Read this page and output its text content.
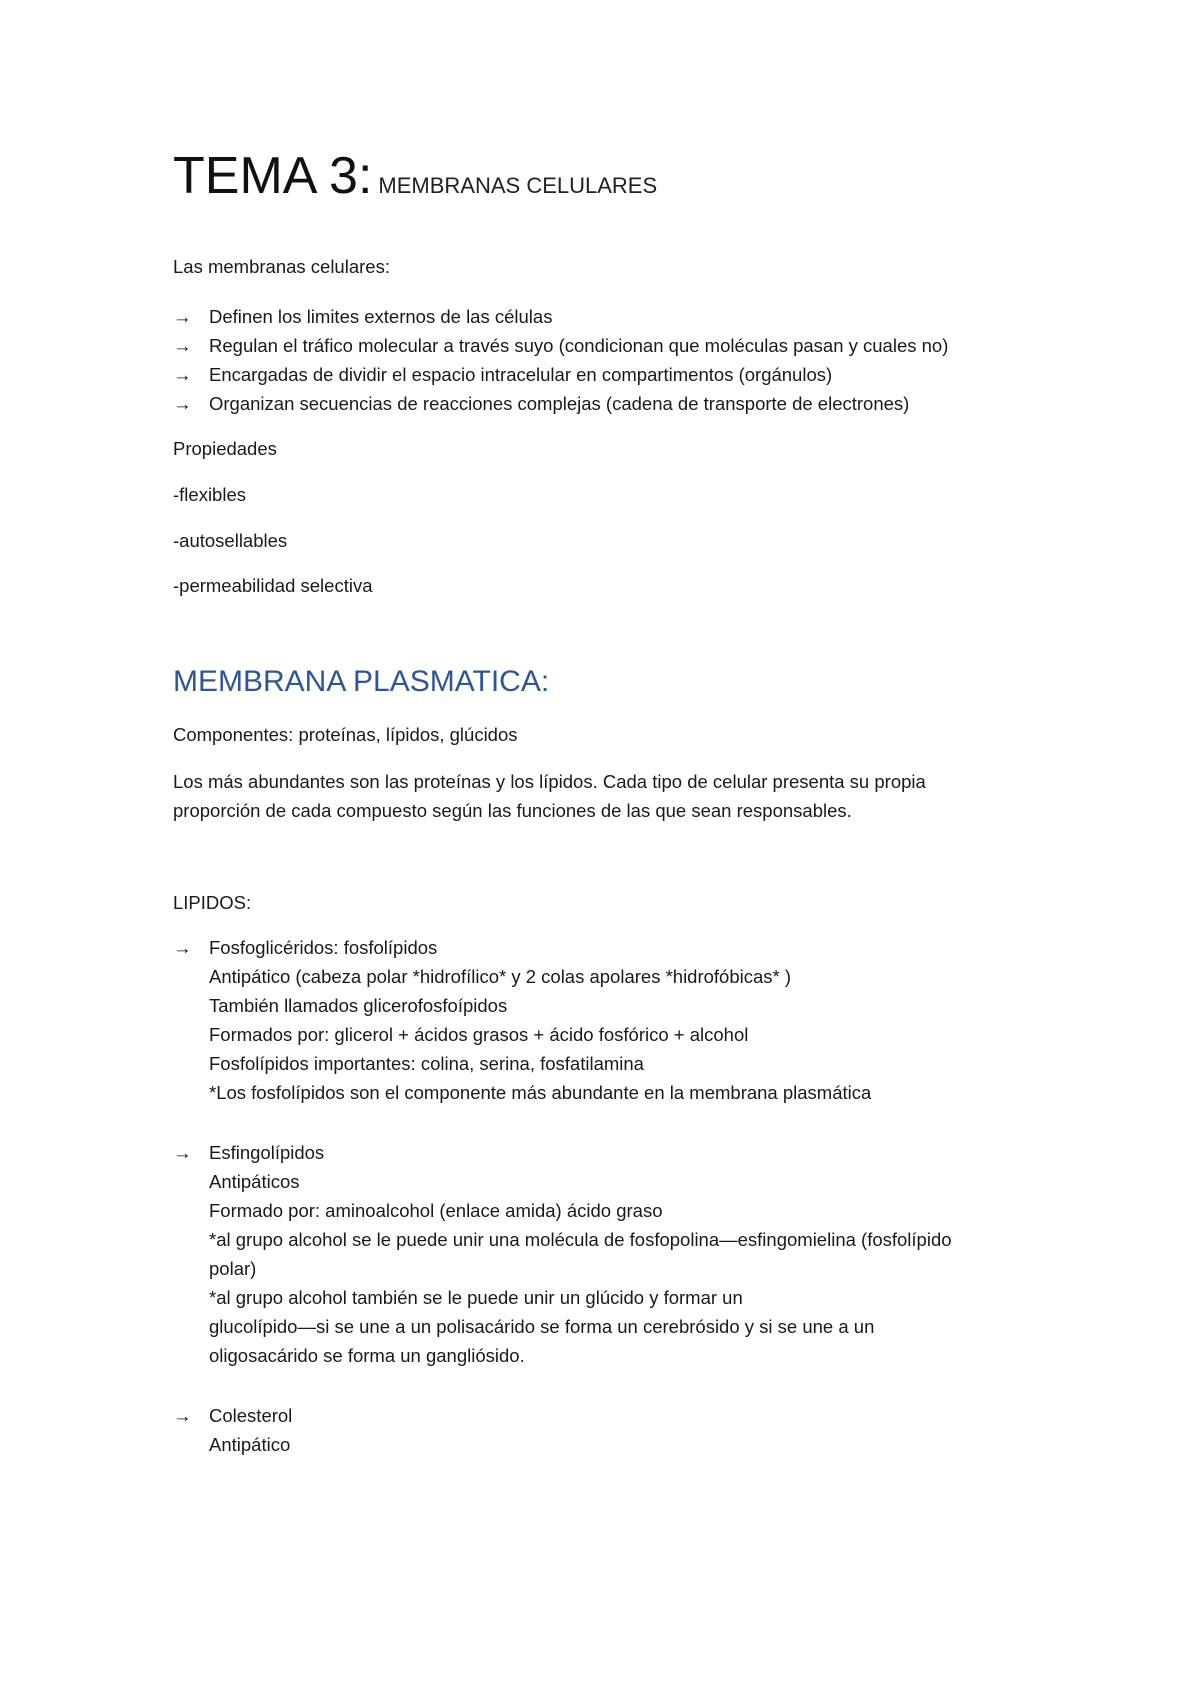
TEMA 3: MEMBRANAS CELULARES
Las membranas celulares:
→ Definen los limites externos de las células
→ Regulan el tráfico molecular a través suyo (condicionan que moléculas pasan y cuales no)
→ Encargadas de dividir el espacio intracelular en compartimentos (orgánulos)
→ Organizan secuencias de reacciones complejas (cadena de transporte de electrones)
Propiedades
-flexibles
-autosellables
-permeabilidad selectiva
MEMBRANA PLASMATICA:
Componentes: proteínas, lípidos, glúcidos
Los más abundantes son las proteínas y los lípidos. Cada tipo de celular presenta su propia
proporción de cada compuesto según las funciones de las que sean responsables.
LIPIDOS:
→ Fosfoglicéridos: fosfolípidos
Antipático (cabeza polar *hidrofílico* y 2 colas apolares *hidrofóbicas* )
También llamados glicerofosfoípidos
Formados por: glicerol + ácidos grasos + ácido fosfórico + alcohol
Fosfolípidos importantes: colina, serina, fosfatilamina
*Los fosfolípidos son el componente más abundante en la membrana plasmática
→ Esfingolípidos
Antipáticos
Formado por: aminoalcohol (enlace amida) ácido graso
*al grupo alcohol se le puede unir una molécula de fosfopolina—esfingomielina (fosfolípido
polar)
*al grupo alcohol también se le puede unir un glúcido y formar un
glucolípido—si se une a un polisacárido se forma un cerebrósido y si se une a un
oligosacárido se forma un gangliósido.
→ Colesterol
Antipático
